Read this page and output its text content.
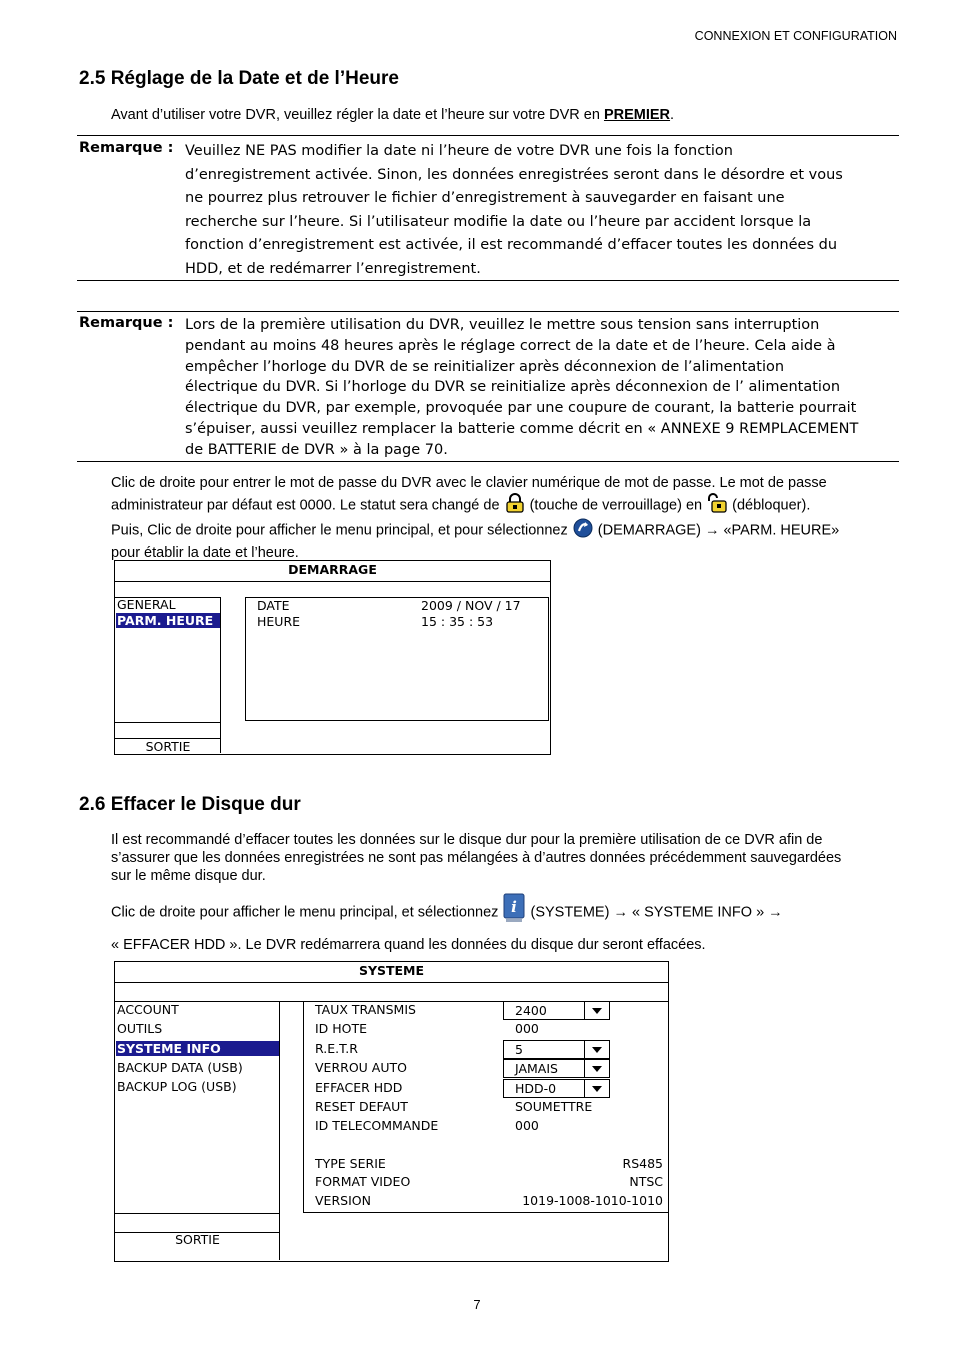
CONNEXION ET CONFIGURATION
2.5 Réglage de la Date et de l’Heure
Avant d’utiliser votre DVR, veuillez régler la date et l’heure sur votre DVR en PREMIER.
Remarque : Veuillez NE PAS modifier la date ni l’heure de votre DVR une fois la fonction
d’enregistrement activée. Sinon, les données enregistrées seront dans le désordre et vous
ne pourrez plus retrouver le fichier d’enregistrement à sauvegarder en faisant une
recherche sur l’heure. Si l’utilisateur modifie la date ou l’heure par accident lorsque la
fonction d’enregistrement est activée, il est recommandé d’effacer toutes les données du
HDD, et de redémarrer l’enregistrement.
Remarque : Lors de la première utilisation du DVR, veuillez le mettre sous tension sans interruption
pendant au moins 48 heures après le réglage correct de la date et de l’heure. Cela aide à
empêcher l’horloge du DVR de se reinitializer après déconnexion de l’alimentation
électrique du DVR. Si l’horloge du DVR se reinitialize après déconnexion de l’ alimentation
électrique du DVR, par exemple, provoquée par une coupure de courant, la batterie pourrait
s’épuiser, aussi veuillez remplacer la batterie comme décrit en « ANNEXE 9 REMPLACEMENT
de BATTERIE de DVR » à la page 70.
Clic de droite pour entrer le mot de passe du DVR avec le clavier numérique de mot de passe. Le mot de passe
administrateur par défaut est 0000. Le statut sera changé de (touche de verrouillage) en (débloquer).
Puis, Clic de droite pour afficher le menu principal, et pour sélectionnez (DEMARRAGE) → «PARM. HEURE»
pour établir la date et l’heure.
DEMARRAGE
GENERAL
PARM. HEURE
SORTIE
DATE	2009 / NOV / 17
HEURE	15 : 35 : 53
2.6 Effacer le Disque dur
Il est recommandé d’effacer toutes les données sur le disque dur pour la première utilisation de ce DVR afin de
s’assurer que les données enregistrées ne sont pas mélangées à d’autres données précédemment sauvegardées
sur le même disque dur.
Clic de droite pour afficher le menu principal, et sélectionnez i (SYSTEME) → « SYSTEME INFO » →
« EFFACER HDD ». Le DVR redémarrera quand les données du disque dur seront effacées.
SYSTEME
ACCOUNT
OUTILS
SYSTEME INFO
BACKUP DATA (USB)
BACKUP LOG (USB)
SORTIE
TAUX TRANSMIS	2400
ID HOTE	000
R.E.T.R	5
VERROU AUTO	JAMAIS
EFFACER HDD	HDD-0
RESET DEFAUT	SOUMETTRE
ID TELECOMMANDE	000
TYPE SERIE	RS485
FORMAT VIDEO	NTSC
VERSION	1019-1008-1010-1010
7
